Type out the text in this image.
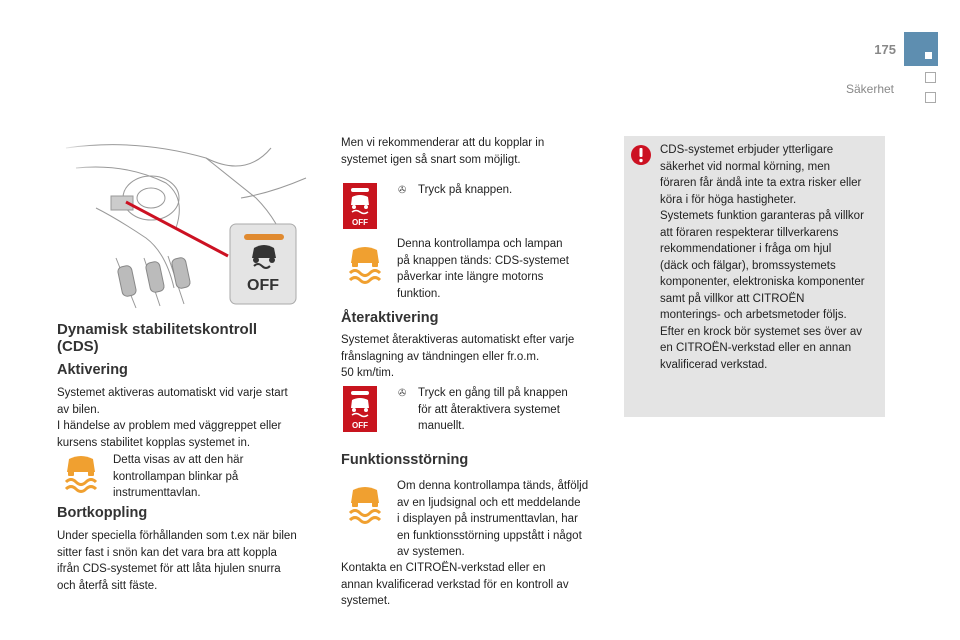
175
Säkerhet
Dynamisk stabilitetskontroll
(CDS)
Aktivering

Systemet aktiveras automatiskt vid varje start
av bilen.
I händelse av problem med väggreppet eller
kursens stabilitet kopplas systemet in.

Detta visas av att den här
kontrollampan blinkar på
instrumenttavlan.

Bortkoppling

Under speciella förhållanden som t.ex när bilen
sitter fast i snön kan det vara bra att koppla
ifrån CDS-systemet för att låta hjulen snurra
och återfå sitt fäste.

Men vi rekommenderar att du kopplar in
systemet igen så snart som möjligt.

OFF
✇ Tryck på knappen.

Denna kontrollampa och lampan
på knappen tänds: CDS-systemet
påverkar inte längre motorns
funktion.

Återaktivering

Systemet återaktiveras automatiskt efter varje
frånslagning av tändningen eller fr.o.m.
50 km/tim.

OFF
✇ Tryck en gång till på knappen
för att återaktivera systemet
manuellt.

Funktionsstörning

Om denna kontrollampa tänds, åtföljd
av en ljudsignal och ett meddelande
i displayen på instrumenttavlan, har
en funktionsstörning uppstått i något
av systemen.

Kontakta en CITROËN-verkstad eller en
annan kvalificerad verkstad för en kontroll av
systemet.

CDS-systemet erbjuder ytterligare
säkerhet vid normal körning, men
föraren får ändå inte ta extra risker eller
köra i för höga hastigheter.
Systemets funktion garanteras på villkor
att föraren respekterar tillverkarens
rekommendationer i fråga om hjul
(däck och fälgar), bromssystemets
komponenter, elektroniska komponenter
samt på villkor att CITROËN
monterings- och arbetsmetoder följs.
Efter en krock bör systemet ses över av
en CITROËN-verkstad eller en annan
kvalificerad verkstad.
